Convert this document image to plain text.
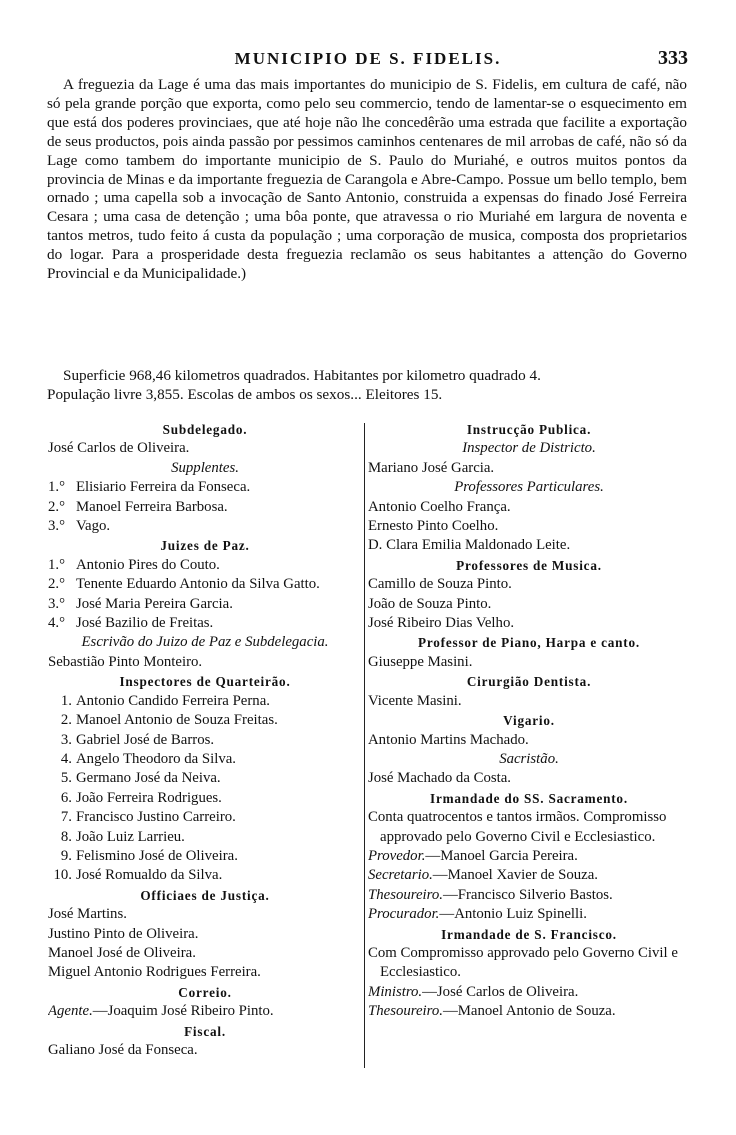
MUNICIPIO DE S. FIDELIS.	333

A freguezia da Lage é uma das mais importantes do municipio de S. Fidelis, em cultura de café, não só pela grande porção que exporta, como pelo seu commercio, tendo de lamentar-se o esquecimento em que está dos poderes provinciaes, que até hoje não lhe concedêrão uma estrada que facilite a exportação de seus productos, pois ainda passão por pessimos caminhos centenares de mil arrobas de café, não só da Lage como tambem do importante municipio de S. Paulo do Muriahé, e outros muitos pontos da provincia de Minas e da importante freguezia de Carangola e Abre-Campo. Possue um bello templo, bem ornado ; uma capella sob a invocação de Santo Antonio, construida a expensas do finado José Ferreira Cesara ; uma casa de detenção ; uma bôa ponte, que atravessa o rio Muriahé em largura de noventa e tantos metros, tudo feito á custa da população ; uma corporação de musica, composta dos proprietarios do logar. Para a prosperidade desta freguezia reclamão os seus habitantes a attenção do Governo Provincial e da Municipalidade.)

Superficie 968,46 kilometros quadrados. Habitantes por kilometro quadrado 4.
População livre 3,855. Escolas de ambos os sexos... Eleitores 15.
Subdelegado.
José Carlos de Oliveira.
Supplentes.
1.° Elisiario Ferreira da Fonseca.
2.° Manoel Ferreira Barbosa.
3.° Vago.
Juizes de Paz.
1.° Antonio Pires do Couto.
2.° Tenente Eduardo Antonio da Silva Gatto.
3.° José Maria Pereira Garcia.
4.° José Bazilio de Freitas.
Escrivão do Juizo de Paz e Subdelegacia.
Sebastião Pinto Monteiro.
Inspectores de Quarteirão.
1. Antonio Candido Ferreira Perna.
2. Manoel Antonio de Souza Freitas.
3. Gabriel José de Barros.
4. Angelo Theodoro da Silva.
5. Germano José da Neiva.
6. João Ferreira Rodrigues.
7. Francisco Justino Carreiro.
8. João Luiz Larrieu.
9. Felismino José de Oliveira.
10. José Romualdo da Silva.
Officiaes de Justiça.
José Martins.
Justino Pinto de Oliveira.
Manoel José de Oliveira.
Miguel Antonio Rodrigues Ferreira.
Correio.
Agente.—Joaquim José Ribeiro Pinto.
Fiscal.
Galiano José da Fonseca.
Instrucção Publica.
Inspector de Districto.
Mariano José Garcia.
Professores Particulares.
Antonio Coelho França.
Ernesto Pinto Coelho.
D. Clara Emilia Maldonado Leite.
Professores de Musica.
Camillo de Souza Pinto.
João de Souza Pinto.
José Ribeiro Dias Velho.
Professor de Piano, Harpa e canto.
Giuseppe Masini.
Cirurgião Dentista.
Vicente Masini.
Vigario.
Antonio Martins Machado.
Sacristão.
José Machado da Costa.
Irmandade do SS. Sacramento.
Conta quatrocentos e tantos irmãos. Compromisso approvado pelo Governo Civil e Ecclesiastico.
Provedor.—Manoel Garcia Pereira.
Secretario.—Manoel Xavier de Souza.
Thesoureiro.—Francisco Silverio Bastos.
Procurador.—Antonio Luiz Spinelli.
Irmandade de S. Francisco.
Com Compromisso approvado pelo Governo Civil e Ecclesiastico.
Ministro.—José Carlos de Oliveira.
Thesoureiro.—Manoel Antonio de Souza.
